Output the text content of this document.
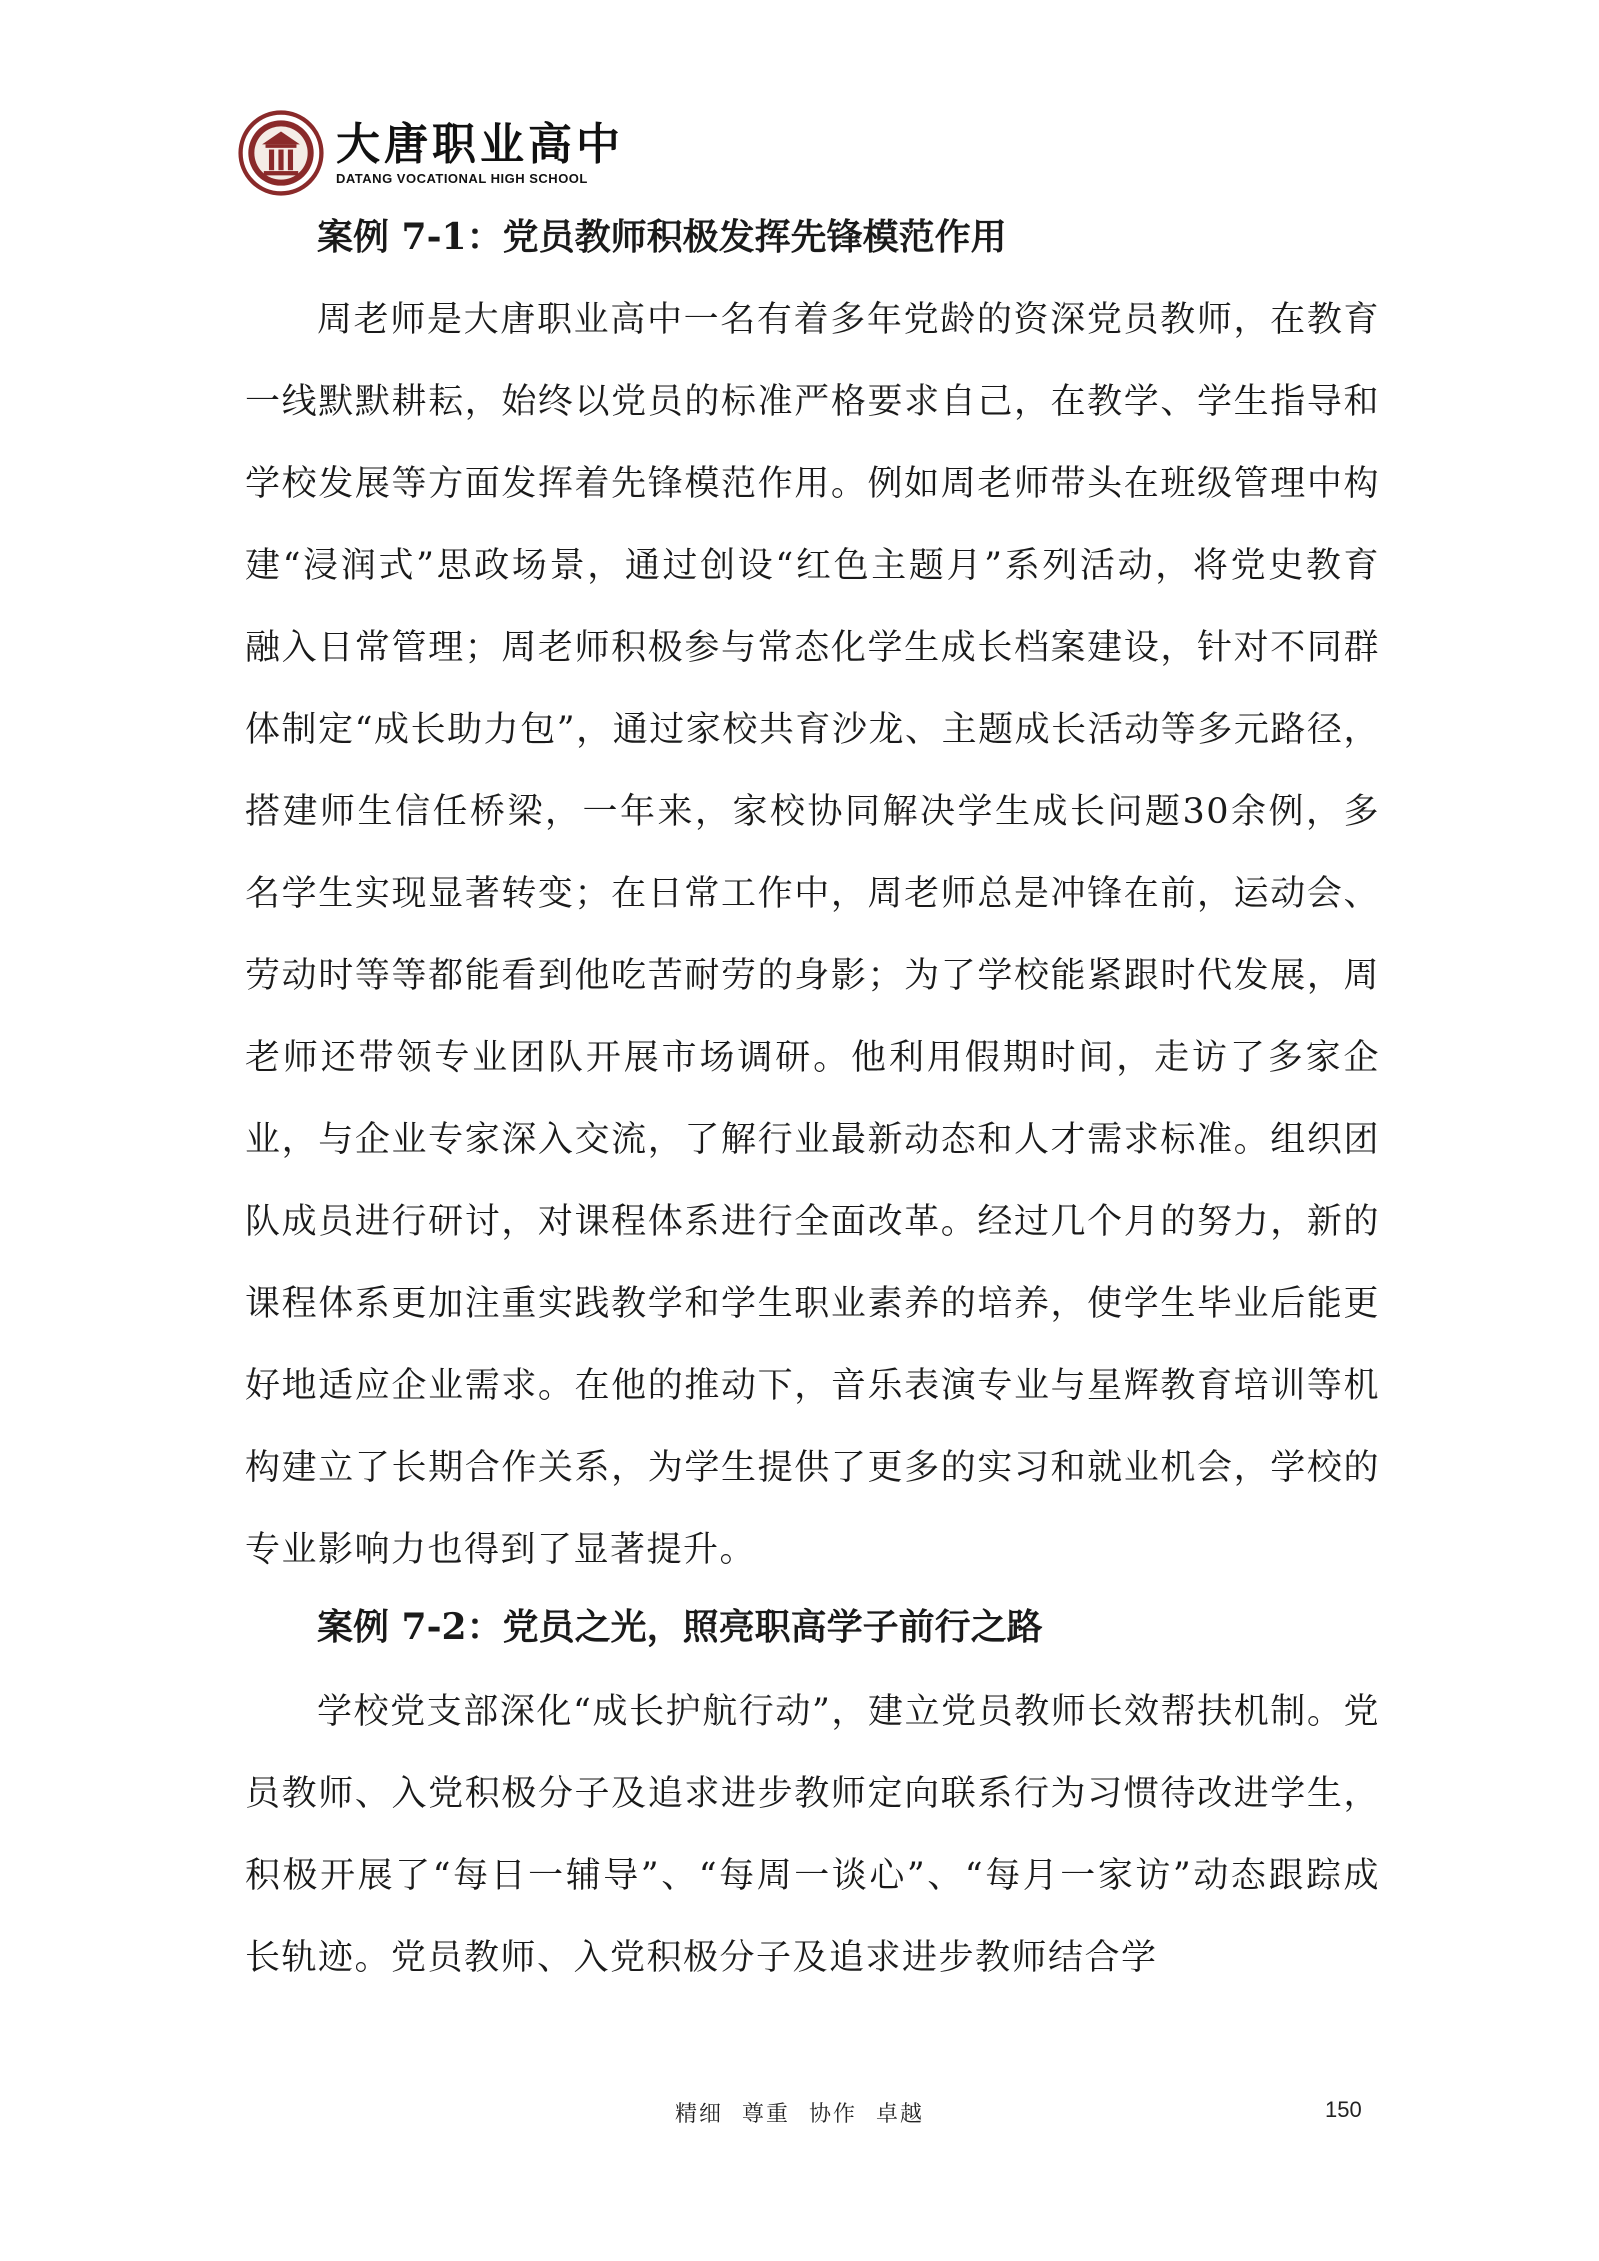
大唐职业高中
DATANG VOCATIONAL HIGH SCHOOL

案例 7-1：党员教师积极发挥先锋模范作用

周老师是大唐职业高中一名有着多年党龄的资深党员教师，在教育一线默默耕耘，始终以党员的标准严格要求自己，在教学、学生指导和学校发展等方面发挥着先锋模范作用。例如周老师带头在班级管理中构建“浸润式”思政场景，通过创设“红色主题月”系列活动，将党史教育融入日常管理；周老师积极参与常态化学生成长档案建设，针对不同群体制定“成长助力包”，通过家校共育沙龙、主题成长活动等多元路径，搭建师生信任桥梁，一年来，家校协同解决学生成长问题30余例，多名学生实现显著转变；在日常工作中，周老师总是冲锋在前，运动会、劳动时等等都能看到他吃苦耐劳的身影；为了学校能紧跟时代发展，周老师还带领专业团队开展市场调研。他利用假期时间，走访了多家企业，与企业专家深入交流，了解行业最新动态和人才需求标准。组织团队成员进行研讨，对课程体系进行全面改革。经过几个月的努力，新的课程体系更加注重实践教学和学生职业素养的培养，使学生毕业后能更好地适应企业需求。在他的推动下，音乐表演专业与星辉教育培训等机构建立了长期合作关系，为学生提供了更多的实习和就业机会，学校的专业影响力也得到了显著提升。

案例 7-2：党员之光，照亮职高学子前行之路

学校党支部深化“成长护航行动”，建立党员教师长效帮扶机制。党员教师、入党积极分子及追求进步教师定向联系行为习惯待改进学生，积极开展了“每日一辅导”、“每周一谈心”、“每月一家访”动态跟踪成长轨迹。党员教师、入党积极分子及追求进步教师结合学

精细 尊重 协作 卓越	150
